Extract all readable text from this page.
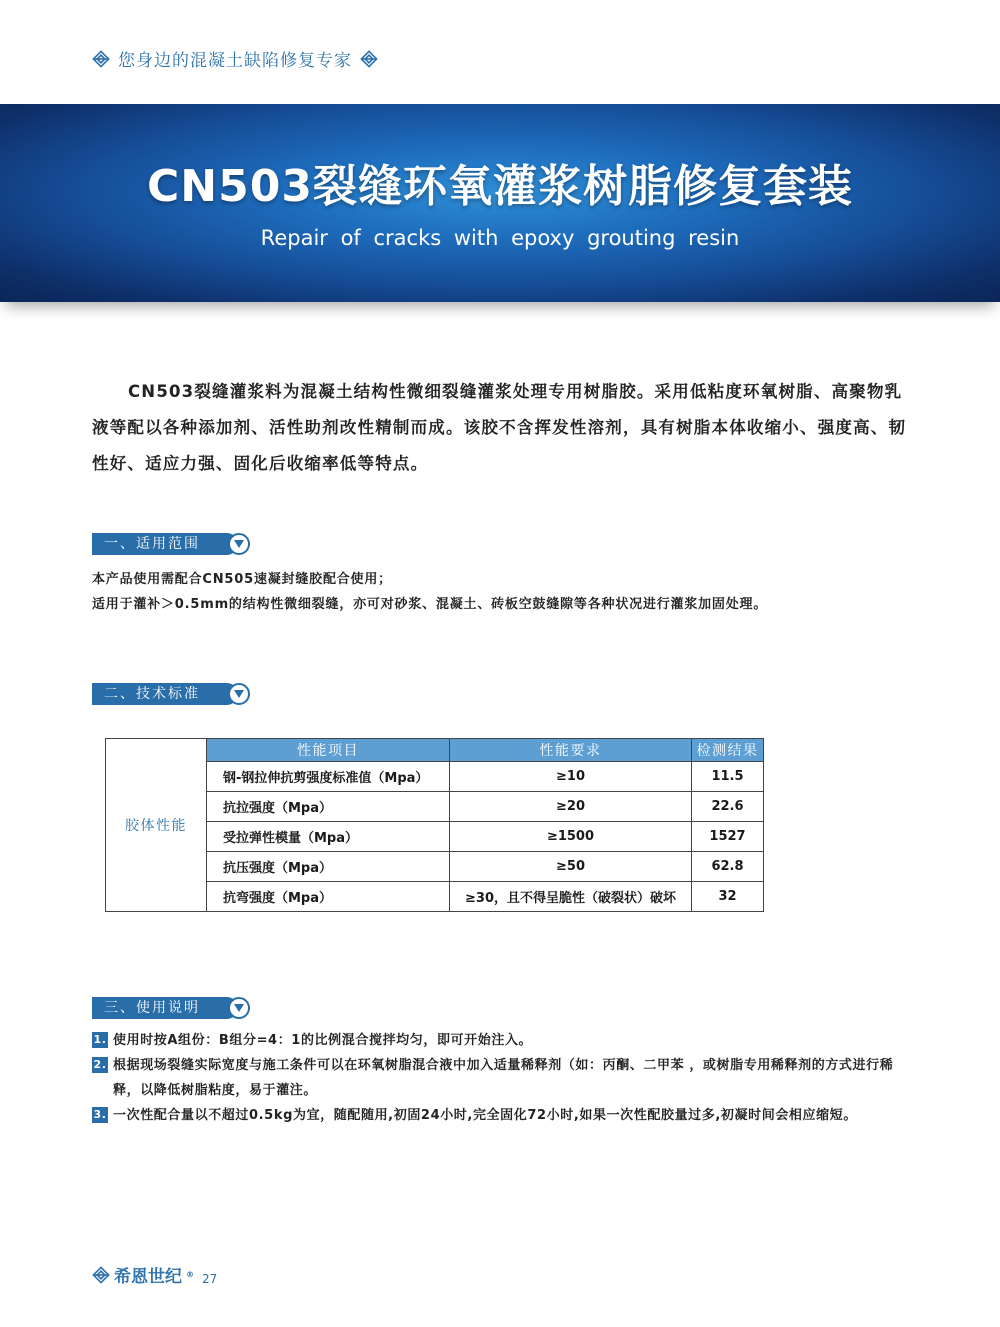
您身边的混凝土缺陷修复专家
CN503裂缝环氧灌浆树脂修复套装
Repair of cracks with epoxy grouting resin
CN503裂缝灌浆料为混凝土结构性微细裂缝灌浆处理专用树脂胶。采用低粘度环氧树脂、高聚物乳液等配以各种添加剂、活性助剂改性精制而成。该胶不含挥发性溶剂，具有树脂本体收缩小、强度高、韧性好、适应力强、固化后收缩率低等特点。
一、适用范围
本产品使用需配合CN505速凝封缝胶配合使用；
适用于灌补＞0.5mm的结构性微细裂缝，亦可对砂浆、混凝土、砖板空鼓缝隙等各种状况进行灌浆加固处理。
二、技术标准
胶体性能	性能项目	性能要求	检测结果
	钢-钢拉伸抗剪强度标准值（Mpa）	≥10	11.5
	抗拉强度（Mpa）	≥20	22.6
	受拉弹性模量（Mpa）	≥1500	1527
	抗压强度（Mpa）	≥50	62.8
	抗弯强度（Mpa）	≥30，且不得呈脆性（破裂状）破坏	32
三、使用说明
1. 使用时按A组份：B组分=4：1的比例混合搅拌均匀，即可开始注入。
2. 根据现场裂缝实际宽度与施工条件可以在环氧树脂混合液中加入适量稀释剂（如：丙酮、二甲苯 ，或树脂专用稀释剂的方式进行稀释，以降低树脂粘度，易于灌注。
3. 一次性配合量以不超过0.5kg为宜，随配随用,初固24小时,完全固化72小时,如果一次性配胶量过多,初凝时间会相应缩短。
希恩世纪 ® 27
